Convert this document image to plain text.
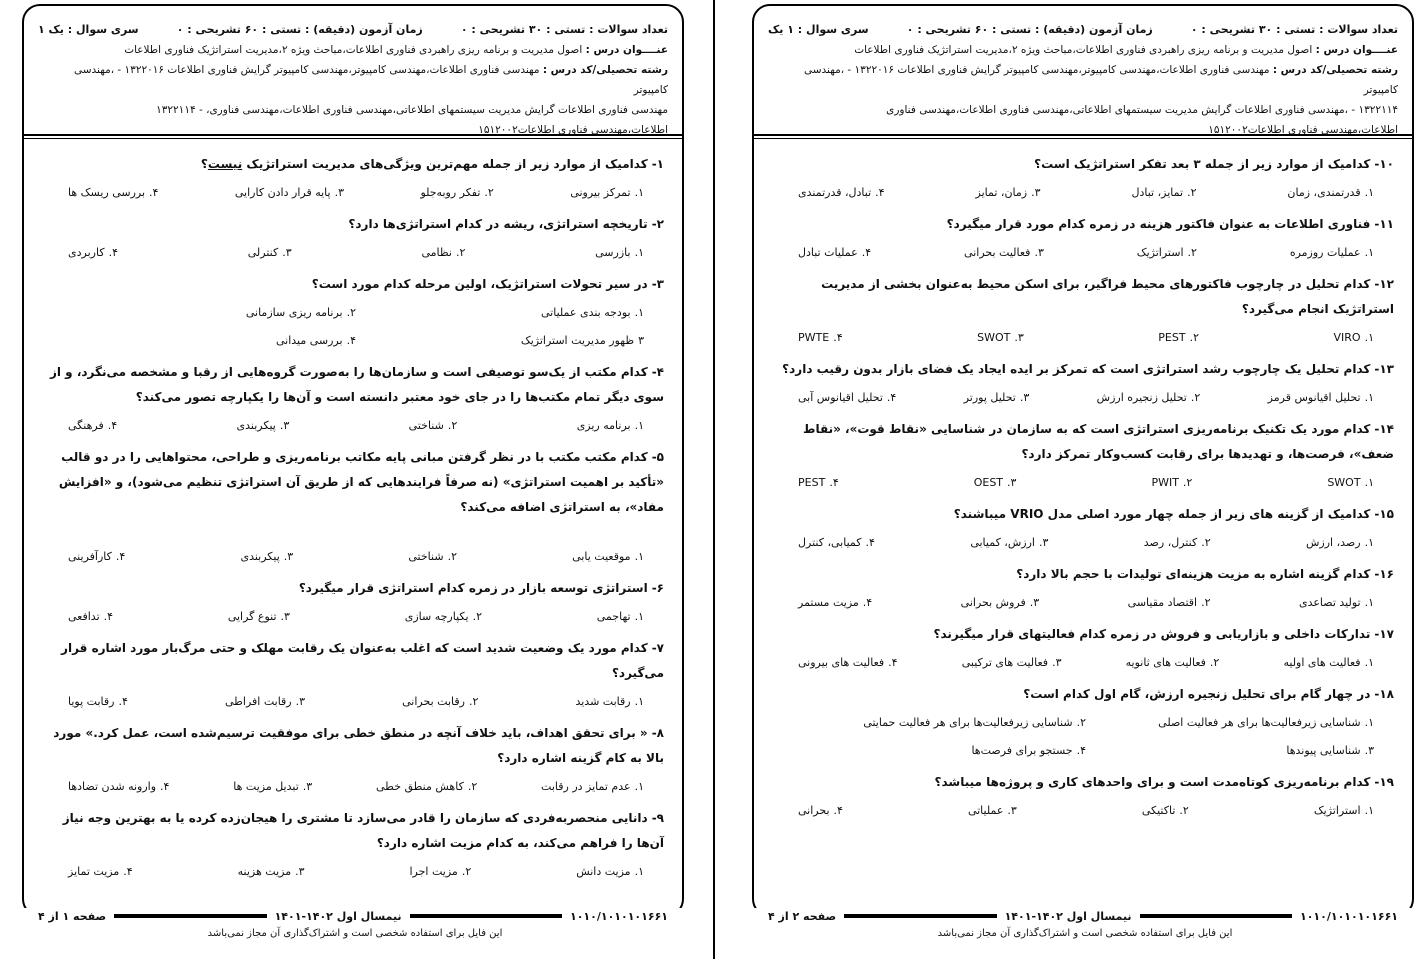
تعداد سوالات : تستی : ۳۰ تشریحی : ۰
زمان آزمون (دقیقه) : تستی : ۶۰ تشریحی : ۰
سری سوال : یک ۱
عنــــوان درس : اصول مدیریت و برنامه ریزی راهبردی فناوری اطلاعات،مباحث ویژه ۲،مدیریت استراتژیک فناوری اطلاعات
رشته تحصیلی/کد درس : مهندسی فناوری اطلاعات،مهندسی کامپیوتر،مهندسی کامپیوتر گرایش فناوری اطلاعات ۱۳۲۲۰۱۶ - ،مهندسی کامپیوتر
مهندسی فناوری اطلاعات گرایش مدیریت سیستمهای اطلاعاتی،مهندسی فناوری اطلاعات،مهندسی فناوری، - ۱۳۲۲۱۱۴
اطلاعات،مهندسی فناوری اطلاعات۱۵۱۲۰۰۲
۱-کدامیک از موارد زیر از جمله مهم‌ترین ویژگی‌های مدیریت استراتژیک نیست؟
۱.تمرکز بیرونی
۲.تفکر روبه‌جلو
۳.پایه قرار دادن کارایی
۴.بررسی ریسک ها
۲-تاریخچه استراتژی، ریشه در کدام استراتژی‌ها دارد؟
۱.بازرسی
۲.نظامی
۳.کنترلی
۴.کاربردی
۳-در سیر تحولات استراتژیک، اولین مرحله کدام مورد است؟
۱.بودجه بندی عملیاتی
۲.برنامه ریزی سازمانی
۳ظهور مدیریت استراتژیک
۴.بررسی میدانی
۴-کدام مکتب از یک‌سو توصیفی است و سازمان‌ها را به‌صورت گروه‌هایی از رقبا و مشخصه می‌نگرد، و از سوی دیگر تمام مکتب‌ها را در جای خود معتبر دانسته است و آن‌ها را یکپارچه تصور می‌کند؟
۱.برنامه ریزی
۲.شناختی
۳.پیکربندی
۴.فرهنگی
۵-کدام مکتب مکتب با در نظر گرفتن مبانی پایه مکاتب برنامه‌ریزی و طراحی، محتواهایی را در دو قالب «تأکید بر اهمیت استراتژی» (نه صرفاً فرایندهایی که از طریق آن استراتژی تنظیم می‌شود)، و «افزایش مفاد»، به استراتژی اضافه می‌کند؟
۱.موقعیت یابی
۲.شناختی
۳.پیکربندی
۴.کارآفرینی
۶-استراتژی توسعه بازار در زمره کدام استراتژی قرار میگیرد؟
۱.تهاجمی
۲.یکپارچه سازی
۳.تنوع گرایی
۴.تدافعی
۷-کدام مورد یک وضعیت شدید است که اغلب به‌عنوان یک رقابت مهلک و حتی مرگ‌بار مورد اشاره قرار می‌گیرد؟
۱.رقابت شدید
۲.رقابت بحرانی
۳.رقابت افراطی
۴.رقابت پویا
۸-« برای تحقق اهداف، باید خلاف آنچه در منطق خطی برای موفقیت ترسیم‌شده است، عمل کرد.» مورد بالا به کام گزینه اشاره دارد؟
۱.عدم تمایز در رقابت
۲.کاهش منطق خطی
۳.تبدیل مزیت ها
۴.وارونه شدن تضادها
۹-دانایی منحصربه‌فردی که سازمان را قادر می‌سازد تا مشتری را هیجان‌زده کرده یا به بهترین وجه نیاز آن‌ها را فراهم می‌کند، به کدام مزیت اشاره دارد؟
۱.مزیت دانش
۲.مزیت اجرا
۳.مزیت هزینه
۴.مزیت تمایز
۱۰۱۰/۱۰۱۰۱۰۱۶۶۱
نیمسال اول ۱۴۰۲-۱۴۰۱
صفحه ۱ از ۴
این فایل برای استفاده شخصی است و اشتراک‌گذاری آن مجاز نمی‌باشد
تعداد سوالات : تستی : ۳۰ تشریحی : ۰
زمان آزمون (دقیقه) : تستی : ۶۰ تشریحی : ۰
سری سوال : ۱ یک
عنــــوان درس : اصول مدیریت و برنامه ریزی راهبردی فناوری اطلاعات،مباحث ویژه ۲،مدیریت استراتژیک فناوری اطلاعات
رشته تحصیلی/کد درس : مهندسی فناوری اطلاعات،مهندسی کامپیوتر،مهندسی کامپیوتر گرایش فناوری اطلاعات ۱۳۲۲۰۱۶ - ،مهندسی کامپیوتر
۱۳۲۲۱۱۴ - ،مهندسی فناوری اطلاعات گرایش مدیریت سیستمهای اطلاعاتی،مهندسی فناوری اطلاعات،مهندسی فناوری
اطلاعات،مهندسی فناوری اطلاعات۱۵۱۲۰۰۲
۱۰-کدامیک از موارد زیر از جمله ۳ بعد تفکر استراتژیک است؟
۱.قدرتمندی، زمان
۲.تمایز، تبادل
۳.زمان، تمایز
۴.تبادل، قدرتمندی
۱۱-فناوری اطلاعات به عنوان فاکتور هزینه در زمره کدام مورد قرار میگیرد؟
۱.عملیات روزمره
۲.استراتژیک
۳.فعالیت بحرانی
۴.عملیات تبادل
۱۲-کدام تحلیل در چارچوب فاکتورهای محیط فراگیر، برای اسکن محیط به‌عنوان بخشی از مدیریت استراتژیک انجام می‌گیرد؟
۱.VIRO
۲.PEST
۳.SWOT
۴.PWTE
۱۳-کدام تحلیل یک چارچوب رشد استراتژی است که تمرکز بر ایده ایجاد یک فضای بازار بدون رقیب دارد؟
۱.تحلیل اقیانوس قرمز
۲.تحلیل زنجیره ارزش
۳.تحلیل پورتر
۴.تحلیل اقیانوس آبی
۱۴-کدام مورد یک تکنیک برنامه‌ریزی استراتژی است که به سازمان در شناسایی «نقاط قوت»، «نقاط ضعف»، فرصت‌ها، و تهدیدها برای رقابت کسب‌وکار تمرکز دارد؟
۱.SWOT
۲.PWIT
۳.OEST
۴.PEST
۱۵-کدامیک از گزینه های زیر از جمله چهار مورد اصلی مدل VRIO میباشند؟
۱.رصد، ارزش
۲.کنترل، رصد
۳.ارزش، کمیابی
۴.کمیابی، کنترل
۱۶-کدام گزینه اشاره به مزیت هزینه‌ای تولیدات با حجم بالا دارد؟
۱.تولید تصاعدی
۲.اقتصاد مقیاسی
۳.فروش بحرانی
۴.مزیت مستمر
۱۷-تدارکات داخلی و بازاریابی و فروش در زمره کدام فعالیتهای قرار میگیرند؟
۱.فعالیت های اولیه
۲.فعالیت های ثانویه
۳.فعالیت های ترکیبی
۴.فعالیت های بیرونی
۱۸-در چهار گام برای تحلیل زنجیره ارزش، گام اول کدام است؟
۱.شناسایی زیرفعالیت‌ها برای هر فعالیت اصلی
۲.شناسایی زیرفعالیت‌ها برای هر فعالیت حمایتی
۳.شناسایی پیوندها
۴.جستجو برای فرصت‌ها
۱۹-کدام برنامه‌ریزی کوتاه‌مدت است و برای واحدهای کاری و پروژه‌ها میباشد؟
۱.استراتژیک
۲.تاکتیکی
۳.عملیاتی
۴.بحرانی
۱۰۱۰/۱۰۱۰۱۰۱۶۶۱
نیمسال اول ۱۴۰۲-۱۴۰۱
صفحه ۲ از ۴
این فایل برای استفاده شخصی است و اشتراک‌گذاری آن مجاز نمی‌باشد
